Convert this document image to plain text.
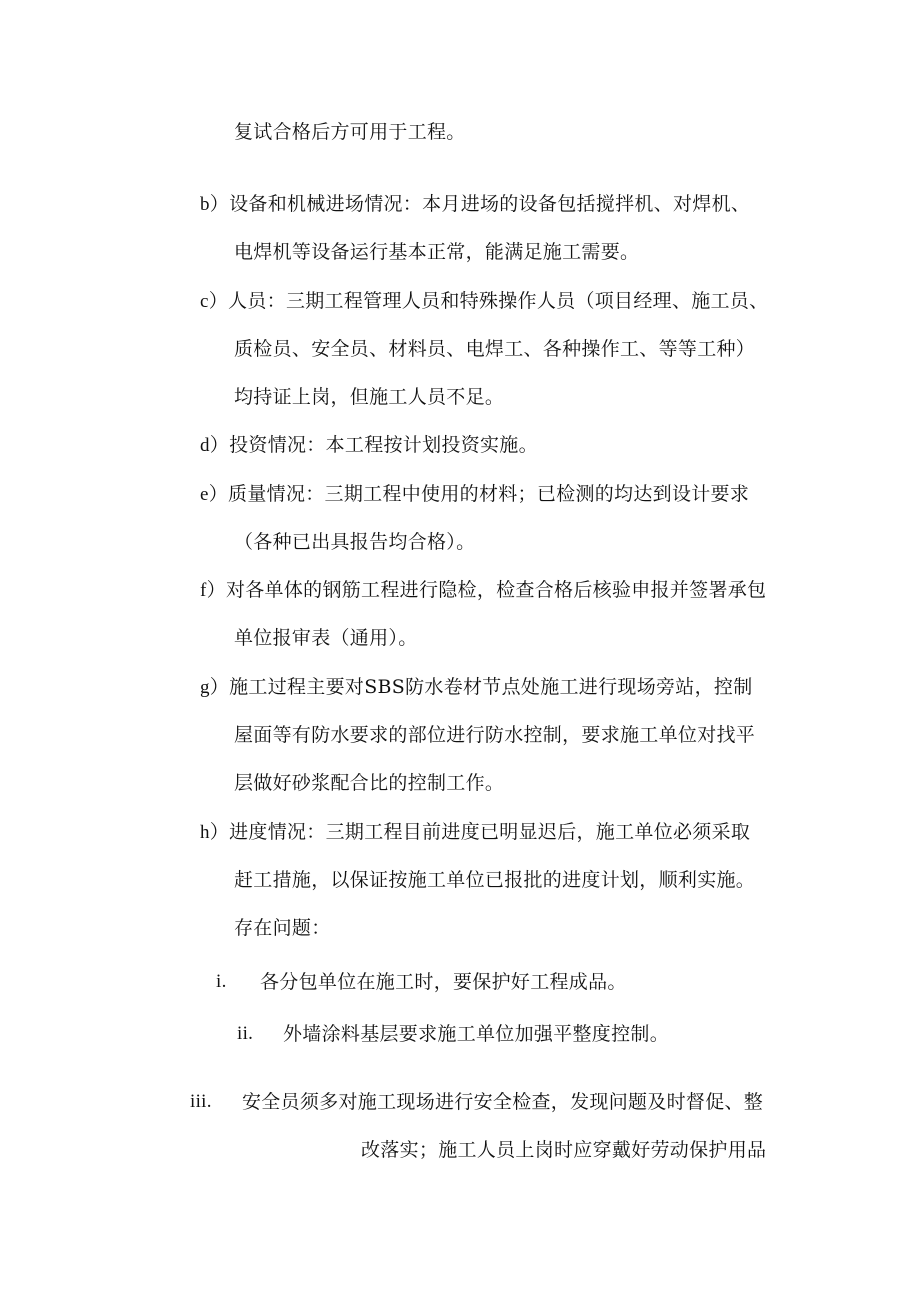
复试合格后方可用于工程。
b）设备和机械进场情况：本月进场的设备包括搅拌机、对焊机、
电焊机等设备运行基本正常，能满足施工需要。
c）人员：三期工程管理人员和特殊操作人员（项目经理、施工员、
质检员、安全员、材料员、电焊工、各种操作工、等等工种）
均持证上岗，但施工人员不足。
d）投资情况：本工程按计划投资实施。
e）质量情况：三期工程中使用的材料；已检测的均达到设计要求
（各种已出具报告均合格）。
f）对各单体的钢筋工程进行隐检，检查合格后核验申报并签署承包
单位报审表（通用）。
g）施工过程主要对SBS防水卷材节点处施工进行现场旁站，控制
屋面等有防水要求的部位进行防水控制，要求施工单位对找平
层做好砂浆配合比的控制工作。
h）进度情况：三期工程目前进度已明显迟后，施工单位必须采取
赶工措施，以保证按施工单位已报批的进度计划，顺利实施。
存在问题：
i. 各分包单位在施工时，要保护好工程成品。
ii. 外墙涂料基层要求施工单位加强平整度控制。
iii. 安全员须多对施工现场进行安全检查，发现问题及时督促、整
改落实；施工人员上岗时应穿戴好劳动保护用品
